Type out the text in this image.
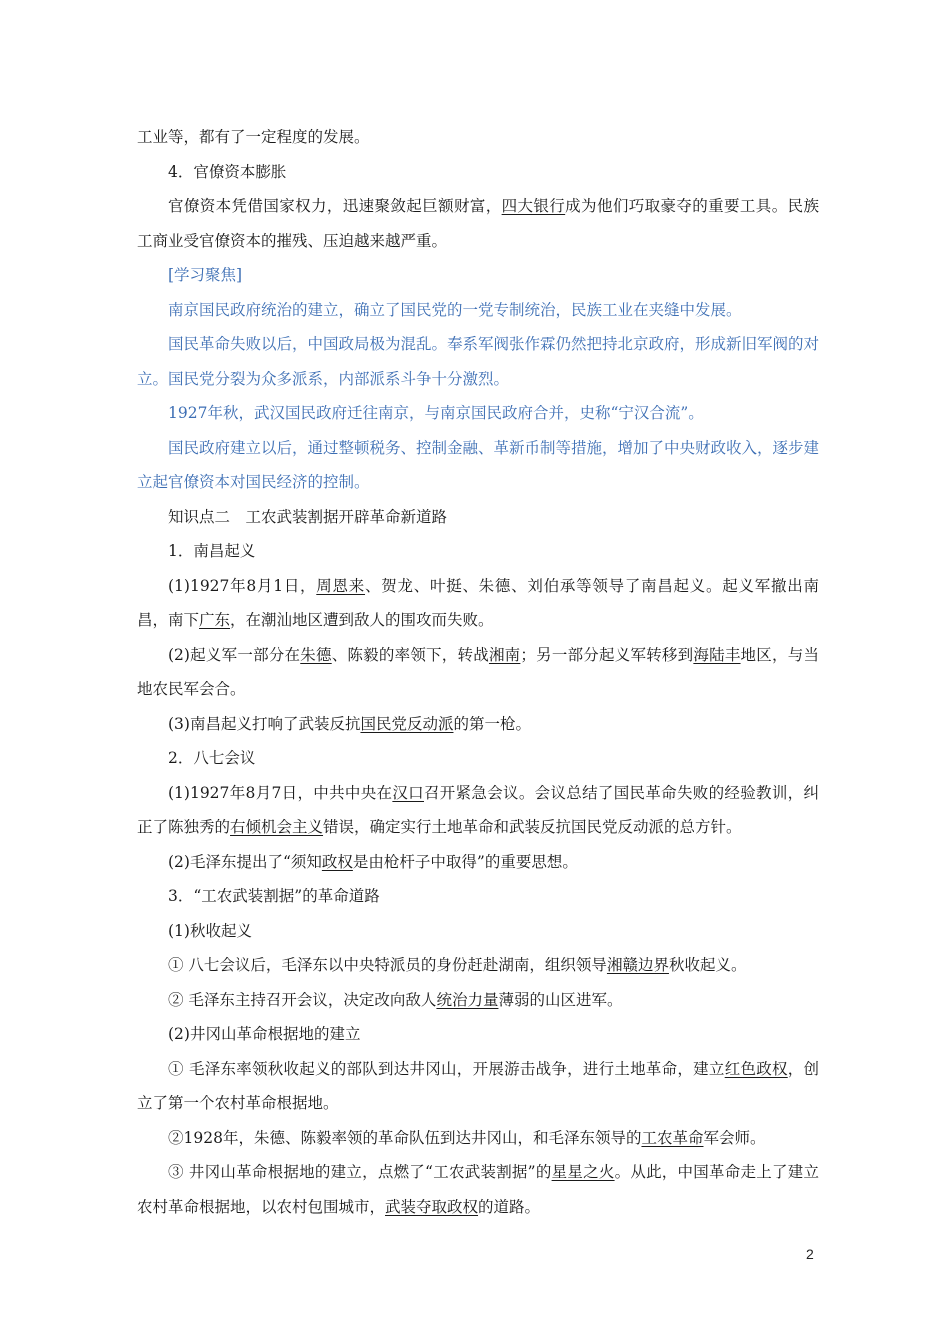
工业等，都有了一定程度的发展。

4．官僚资本膨胀

官僚资本凭借国家权力，迅速聚敛起巨额财富，四大银行成为他们巧取豪夺的重要工具。民族工商业受官僚资本的摧残、压迫越来越严重。

[学习聚焦]

南京国民政府统治的建立，确立了国民党的一党专制统治，民族工业在夹缝中发展。

国民革命失败以后，中国政局极为混乱。奉系军阀张作霖仍然把持北京政府，形成新旧军阀的对立。国民党分裂为众多派系，内部派系斗争十分激烈。

1927年秋，武汉国民政府迁往南京，与南京国民政府合并，史称“宁汉合流”。

国民政府建立以后，通过整顿税务、控制金融、革新币制等措施，增加了中央财政收入，逐步建立起官僚资本对国民经济的控制。

知识点二　工农武装割据开辟革命新道路

1．南昌起义

(1)1927年8月1日，周恩来、贺龙、叶挺、朱德、刘伯承等领导了南昌起义。起义军撤出南昌，南下广东，在潮汕地区遭到敌人的围攻而失败。

(2)起义军一部分在朱德、陈毅的率领下，转战湘南；另一部分起义军转移到海陆丰地区，与当地农民军会合。

(3)南昌起义打响了武装反抗国民党反动派的第一枪。

2．八七会议

(1)1927年8月7日，中共中央在汉口召开紧急会议。会议总结了国民革命失败的经验教训，纠正了陈独秀的右倾机会主义错误，确定实行土地革命和武装反抗国民党反动派的总方针。

(2)毛泽东提出了“须知政权是由枪杆子中取得”的重要思想。

3．“工农武装割据”的革命道路

(1)秋收起义

① 八七会议后，毛泽东以中央特派员的身份赶赴湖南，组织领导湘赣边界秋收起义。

② 毛泽东主持召开会议，决定改向敌人统治力量薄弱的山区进军。

(2)井冈山革命根据地的建立

① 毛泽东率领秋收起义的部队到达井冈山，开展游击战争，进行土地革命，建立红色政权，创立了第一个农村革命根据地。

②1928年，朱德、陈毅率领的革命队伍到达井冈山，和毛泽东领导的工农革命军会师。

③ 井冈山革命根据地的建立，点燃了“工农武装割据”的星星之火。从此，中国革命走上了建立农村革命根据地，以农村包围城市，武装夺取政权的道路。

2
